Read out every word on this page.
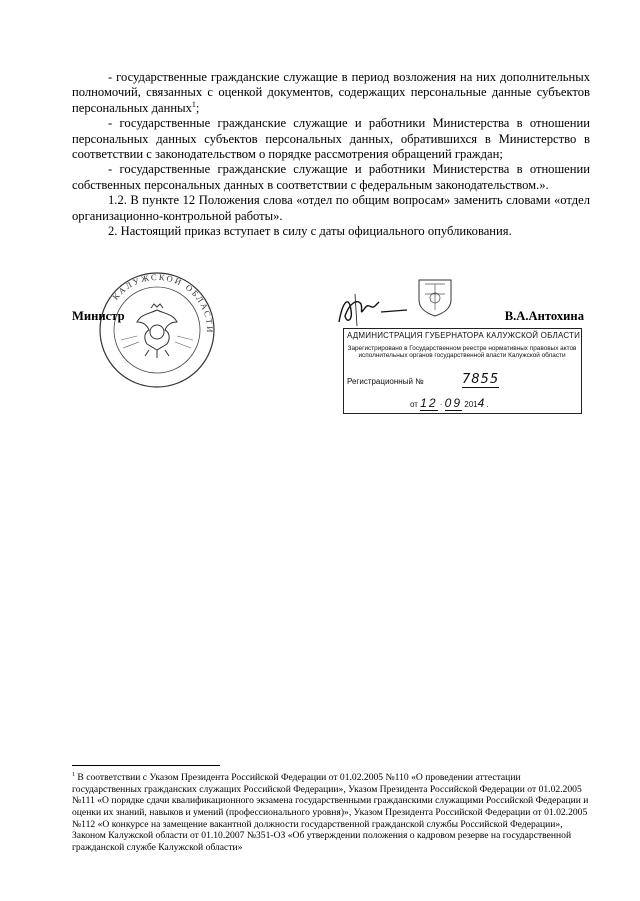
- государственные гражданские служащие в период возложения на них дополнительных полномочий, связанных с оценкой документов, содержащих персональные данные субъектов персональных данных$^1$;

- государственные гражданские служащие и работники Министерства в отношении персональных данных субъектов персональных данных, обратившихся в Министерство в соответствии с законодательством о порядке рассмотрения обращений граждан;

- государственные гражданские служащие и работники Министерства в отношении собственных персональных данных в соответствии с федеральным законодательством.».

1.2. В пункте 12 Положения слова «отдел по общим вопросам» заменить словами «отдел организационно-контрольной работы».

2. Настоящий приказ вступает в силу с даты официального опубликования.

КАЛУЖСКОЙ ОБЛАСТИ
Министр	В.А.Антохина
АДМИНИСТРАЦИЯ ГУБЕРНАТОРА КАЛУЖСКОЙ ОБЛАСТИ
Зарегистрировано в Государственном реестре нормативных правовых актов исполнительных органов государственной власти Калужской области
Регистрационный №	7855
от 12 · 09 2014.
$^1$ В соответствии с Указом Президента Российской Федерации от 01.02.2005 №110 «О проведении аттестации государственных гражданских служащих Российской Федерации», Указом Президента Российской Федерации от 01.02.2005 №111 «О порядке сдачи квалификационного экзамена государственными гражданскими служащими Российской Федерации и оценки их знаний, навыков и умений (профессионального уровня)», Указом Президента Российской Федерации от 01.02.2005 №112 «О конкурсе на замещение вакантной должности государственной гражданской службы Российской Федерации», Законом Калужской области от 01.10.2007 №351-ОЗ «Об утверждении положения о кадровом резерве на государственной гражданской службе Калужской области»
